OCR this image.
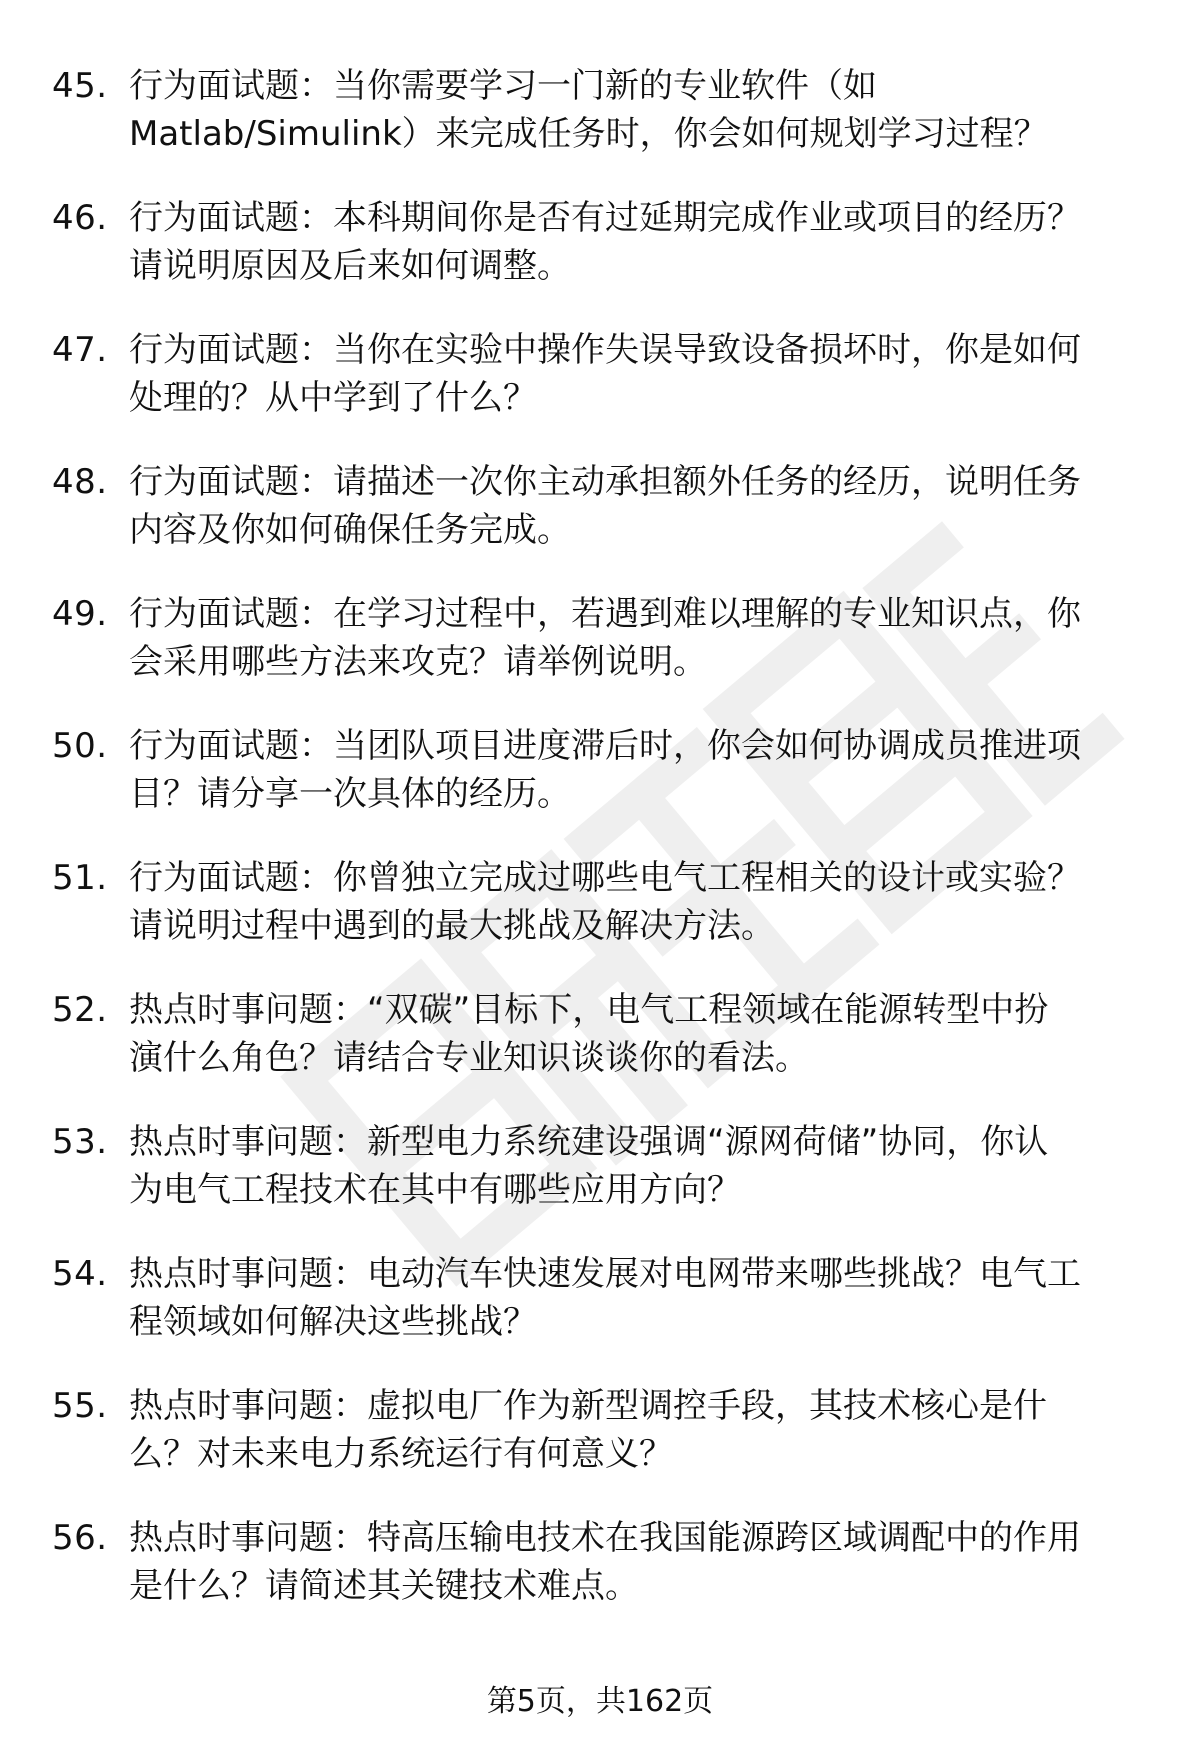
45. 行为面试题：当你需要学习一门新的专业软件（如
Matlab/Simulink）来完成任务时，你会如何规划学习过程？
46. 行为面试题：本科期间你是否有过延期完成作业或项目的经历？
请说明原因及后来如何调整。
47. 行为面试题：当你在实验中操作失误导致设备损坏时，你是如何
处理的？从中学到了什么？
48. 行为面试题：请描述一次你主动承担额外任务的经历，说明任务
内容及你如何确保任务完成。
49. 行为面试题：在学习过程中，若遇到难以理解的专业知识点，你
会采用哪些方法来攻克？请举例说明。
50. 行为面试题：当团队项目进度滞后时，你会如何协调成员推进项
目？请分享一次具体的经历。
51. 行为面试题：你曾独立完成过哪些电气工程相关的设计或实验？
请说明过程中遇到的最大挑战及解决方法。
52. 热点时事问题：“双碳”目标下，电气工程领域在能源转型中扮
演什么角色？请结合专业知识谈谈你的看法。
53. 热点时事问题：新型电力系统建设强调“源网荷储”协同，你认
为电气工程技术在其中有哪些应用方向？
54. 热点时事问题：电动汽车快速发展对电网带来哪些挑战？电气工
程领域如何解决这些挑战？
55. 热点时事问题：虚拟电厂作为新型调控手段，其技术核心是什
么？对未来电力系统运行有何意义？
56. 热点时事问题：特高压输电技术在我国能源跨区域调配中的作用
是什么？请简述其关键技术难点。
第5页，共162页
